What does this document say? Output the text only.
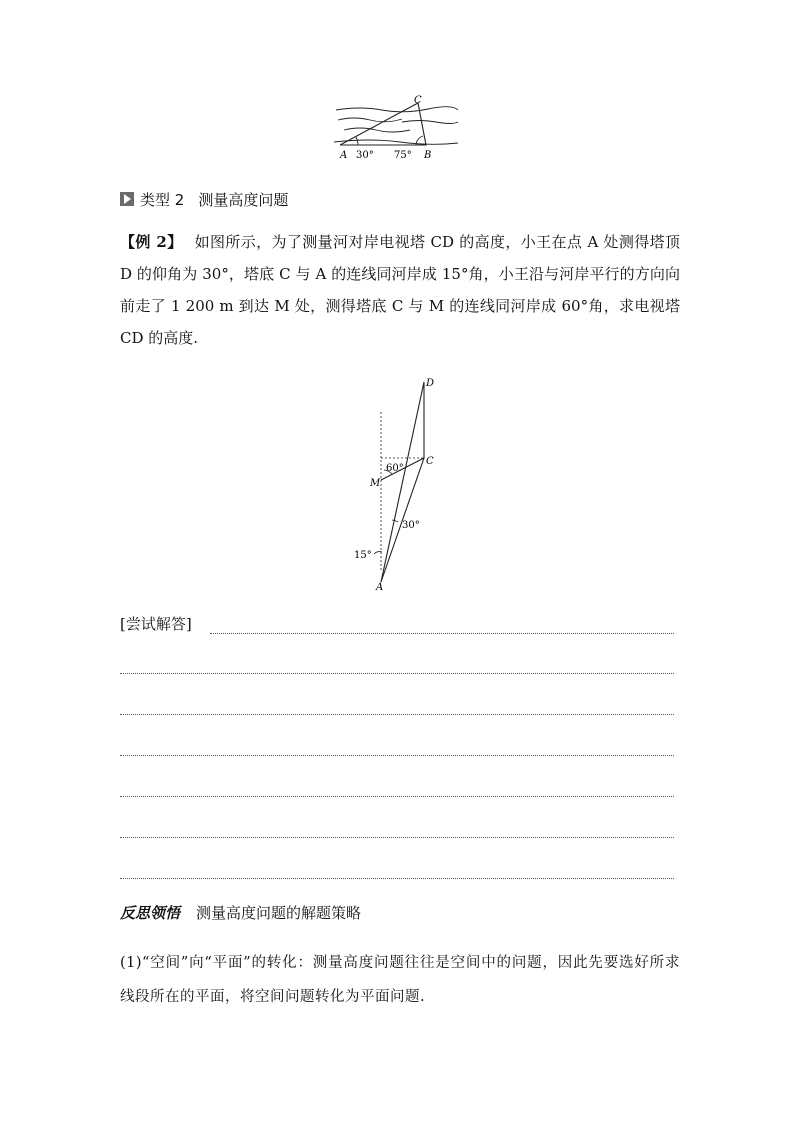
A	B
C
30° 75°
类型 2 测量高度问题
【例 2】 如图所示，为了测量河对岸电视塔 CD 的高度，小王在点 A 处测得塔顶 D 的仰角为 30°，塔底 C 与 A 的连线同河岸成 15°角，小王沿与河岸平行的方向向前走了 1 200 m 到达 M 处，测得塔底 C 与 M 的连线同河岸成 60°角，求电视塔 CD 的高度.
D
C
M
A
60°
30°
15°
[尝试解答]
反思领悟 测量高度问题的解题策略
(1)“空间”向“平面”的转化：测量高度问题往往是空间中的问题，因此先要选好所求线段所在的平面，将空间问题转化为平面问题.
